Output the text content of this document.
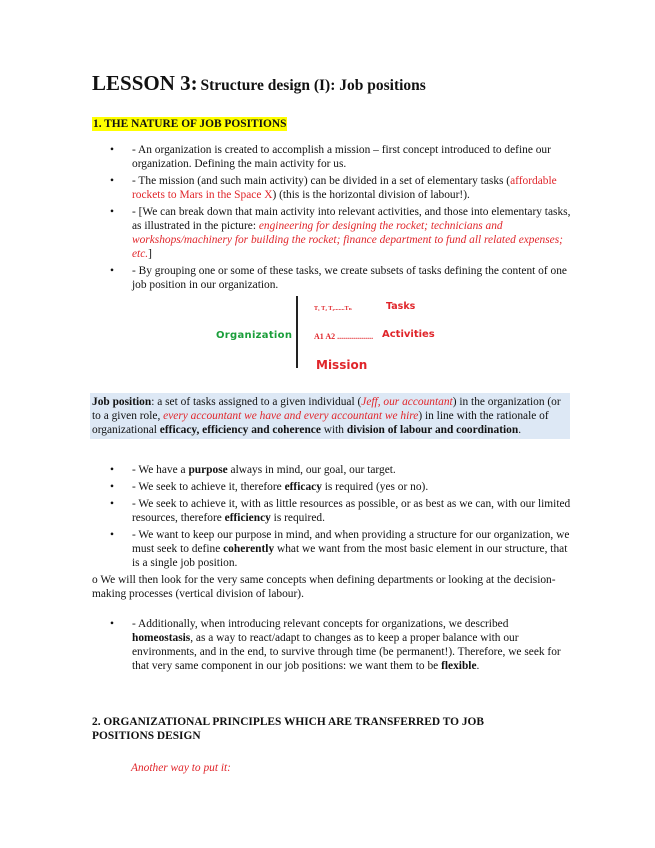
LESSON 3: Structure design (I): Job positions
1. THE NATURE OF JOB POSITIONS
• - An organization is created to accomplish a mission – first concept introduced to define our organization. Defining the main activity for us.
• - The mission (and such main activity) can be divided in a set of elementary tasks (affordable rockets to Mars in the Space X) (this is the horizontal division of labour!).
• - [We can break down that main activity into relevant activities, and those into elementary tasks, as illustrated in the picture: engineering for designing the rocket; technicians and workshops/machinery for building the rocket; finance department to fund all related expenses; etc.]
• - By grouping one or some of these tasks, we create subsets of tasks defining the content of one job position in our organization.
Organization
T₁ T₂ T₃.......Tₙ	Tasks
A1 A2 .................. Activities
Mission
Job position: a set of tasks assigned to a given individual (Jeff, our accountant) in the organization (or to a given role, every accountant we have and every accountant we hire) in line with the rationale of organizational efficacy, efficiency and coherence with division of labour and coordination.
• - We have a purpose always in mind, our goal, our target.
• - We seek to achieve it, therefore efficacy is required (yes or no).
• - We seek to achieve it, with as little resources as possible, or as best as we can, with our limited resources, therefore efficiency is required.
• - We want to keep our purpose in mind, and when providing a structure for our organization, we must seek to define coherently what we want from the most basic element in our structure, that is a single job position.
o We will then look for the very same concepts when defining departments or looking at the decision-making processes (vertical division of labour).
• - Additionally, when introducing relevant concepts for organizations, we described homeostasis, as a way to react/adapt to changes as to keep a proper balance with our environments, and in the end, to survive through time (be permanent!). Therefore, we seek for that very same component in our job positions: we want them to be flexible.
2. ORGANIZATIONAL PRINCIPLES WHICH ARE TRANSFERRED TO JOB POSITIONS DESIGN
Another way to put it:
